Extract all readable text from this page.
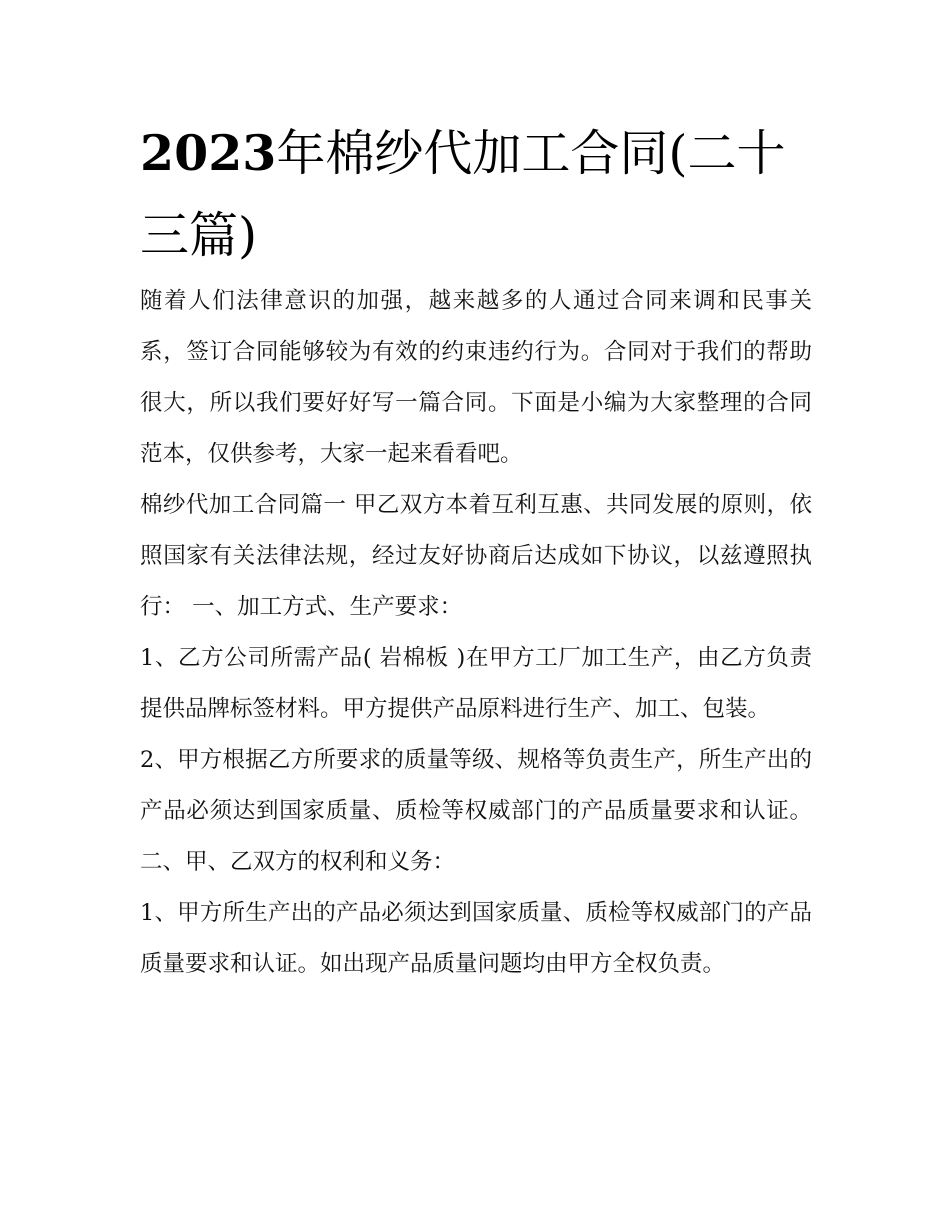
2023年棉纱代加工合同(二十三篇)

随着人们法律意识的加强，越来越多的人通过合同来调和民事关系，签订合同能够较为有效的约束违约行为。合同对于我们的帮助很大，所以我们要好好写一篇合同。下面是小编为大家整理的合同范本，仅供参考，大家一起来看看吧。

棉纱代加工合同篇一 甲乙双方本着互利互惠、共同发展的原则，依照国家有关法律法规，经过友好协商后达成如下协议，以兹遵照执行： 一、加工方式、生产要求：

1、乙方公司所需产品( 岩棉板 )在甲方工厂加工生产，由乙方负责提供品牌标签材料。甲方提供产品原料进行生产、加工、包装。

2、甲方根据乙方所要求的质量等级、规格等负责生产，所生产出的产品必须达到国家质量、质检等权威部门的产品质量要求和认证。 二、甲、乙双方的权利和义务：

1、甲方所生产出的产品必须达到国家质量、质检等权威部门的产品质量要求和认证。如出现产品质量问题均由甲方全权负责。
